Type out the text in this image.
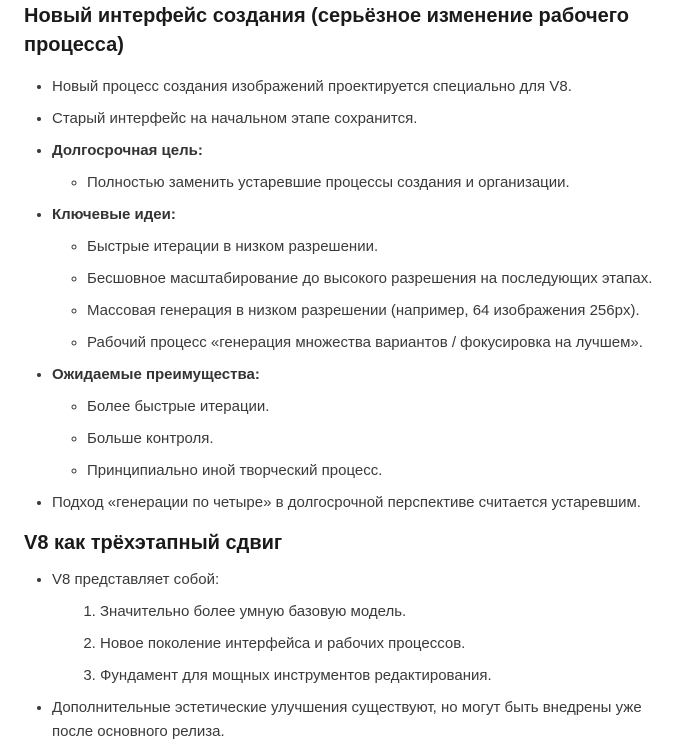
Новый интерфейс создания (серьёзное изменение рабочего процесса)
• Новый процесс создания изображений проектируется специально для V8.
• Старый интерфейс на начальном этапе сохранится.
• Долгосрочная цель:
◦ Полностью заменить устаревшие процессы создания и организации.
• Ключевые идеи:
◦ Быстрые итерации в низком разрешении.
◦ Бесшовное масштабирование до высокого разрешения на последующих этапах.
◦ Массовая генерация в низком разрешении (например, 64 изображения 256px).
◦ Рабочий процесс «генерация множества вариантов / фокусировка на лучшем».
• Ожидаемые преимущества:
◦ Более быстрые итерации.
◦ Больше контроля.
◦ Принципиально иной творческий процесс.
• Подход «генерации по четыре» в долгосрочной перспективе считается устаревшим.
V8 как трёхэтапный сдвиг
• V8 представляет собой:
1. Значительно более умную базовую модель.
2. Новое поколение интерфейса и рабочих процессов.
3. Фундамент для мощных инструментов редактирования.
• Дополнительные эстетические улучшения существуют, но могут быть внедрены уже после основного релиза.
